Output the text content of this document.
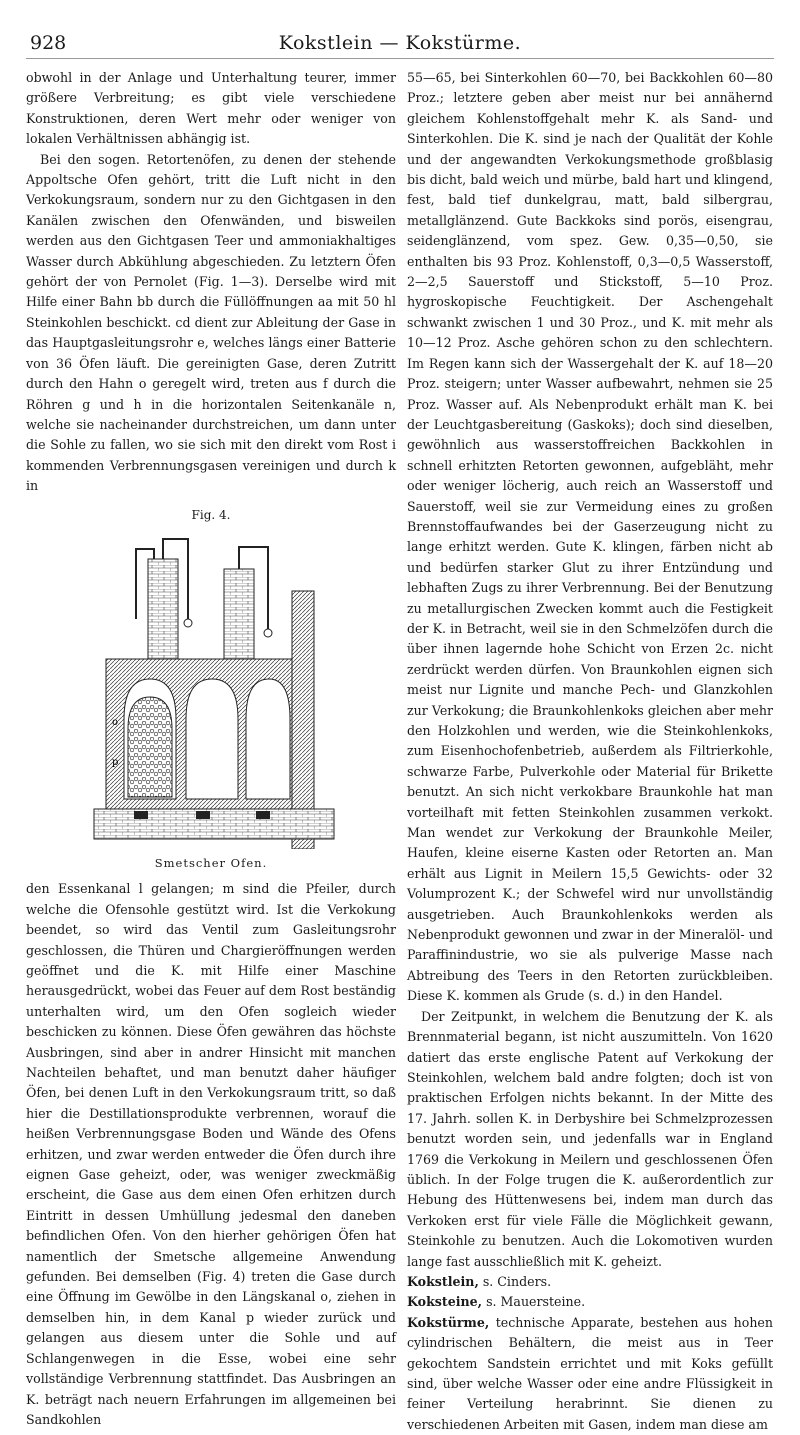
928	Kokstlein — Kokstürme.

obwohl in der Anlage und Unterhaltung teurer, immer größere Verbreitung; es gibt viele verschiedene Konstruktionen, deren Wert mehr oder weniger von lokalen Verhältnissen abhängig ist.

Bei den sogen. Retortenöfen, zu denen der stehende Appoltsche Ofen gehört, tritt die Luft nicht in den Verkokungsraum, sondern nur zu den Gichtgasen in den Kanälen zwischen den Ofenwänden, und bisweilen werden aus den Gichtgasen Teer und ammoniakhaltiges Wasser durch Abkühlung abgeschieden. Zu letztern Öfen gehört der von Pernolet (Fig. 1—3). Derselbe wird mit Hilfe einer Bahn bb durch die Füllöffnungen aa mit 50 hl Steinkohlen beschickt. cd dient zur Ableitung der Gase in das Hauptgasleitungsrohr e, welches längs einer Batterie von 36 Öfen läuft. Die gereinigten Gase, deren Zutritt durch den Hahn o geregelt wird, treten aus f durch die Röhren g und h in die horizontalen Seitenkanäle n, welche sie nacheinander durchstreichen, um dann unter die Sohle zu fallen, wo sie sich mit den direkt vom Rost i kommenden Verbrennungsgasen vereinigen und durch k in

Fig. 4.
o
p
Smetscher Ofen.

den Essenkanal l gelangen; m sind die Pfeiler, durch welche die Ofensohle gestützt wird. Ist die Verkokung beendet, so wird das Ventil zum Gasleitungsrohr geschlossen, die Thüren und Chargieröffnungen werden geöffnet und die K. mit Hilfe einer Maschine herausgedrückt, wobei das Feuer auf dem Rost beständig unterhalten wird, um den Ofen sogleich wieder beschicken zu können. Diese Öfen gewähren das höchste Ausbringen, sind aber in andrer Hinsicht mit manchen Nachteilen behaftet, und man benutzt daher häufiger Öfen, bei denen Luft in den Verkokungsraum tritt, so daß hier die Destillationsprodukte verbrennen, worauf die heißen Verbrennungsgase Boden und Wände des Ofens erhitzen, und zwar werden entweder die Öfen durch ihre eignen Gase geheizt, oder, was weniger zweckmäßig erscheint, die Gase aus dem einen Ofen erhitzen durch Eintritt in dessen Umhüllung jedesmal den daneben befindlichen Ofen. Von den hierher gehörigen Öfen hat namentlich der Smetsche allgemeine Anwendung gefunden. Bei demselben (Fig. 4) treten die Gase durch eine Öffnung im Gewölbe in den Längskanal o, ziehen in demselben hin, in dem Kanal p wieder zurück und gelangen aus diesem unter die Sohle und auf Schlangenwegen in die Esse, wobei eine sehr vollständige Verbrennung stattfindet. Das Ausbringen an K. beträgt nach neuern Erfahrungen im allgemeinen bei Sandkohlen

55—65, bei Sinterkohlen 60—70, bei Backkohlen 60—80 Proz.; letztere geben aber meist nur bei annähernd gleichem Kohlenstoffgehalt mehr K. als Sand- und Sinterkohlen. Die K. sind je nach der Qualität der Kohle und der angewandten Verkokungsmethode großblasig bis dicht, bald weich und mürbe, bald hart und klingend, fest, bald tief dunkelgrau, matt, bald silbergrau, metallglänzend. Gute Backkoks sind porös, eisengrau, seidenglänzend, vom spez. Gew. 0,35—0,50, sie enthalten bis 93 Proz. Kohlenstoff, 0,3—0,5 Wasserstoff, 2—2,5 Sauerstoff und Stickstoff, 5—10 Proz. hygroskopische Feuchtigkeit. Der Aschengehalt schwankt zwischen 1 und 30 Proz., und K. mit mehr als 10—12 Proz. Asche gehören schon zu den schlechtern. Im Regen kann sich der Wassergehalt der K. auf 18—20 Proz. steigern; unter Wasser aufbewahrt, nehmen sie 25 Proz. Wasser auf. Als Nebenprodukt erhält man K. bei der Leuchtgasbereitung (Gaskoks); doch sind dieselben, gewöhnlich aus wasserstoffreichen Backkohlen in schnell erhitzten Retorten gewonnen, aufgebläht, mehr oder weniger löcherig, auch reich an Wasserstoff und Sauerstoff, weil sie zur Vermeidung eines zu großen Brennstoffaufwandes bei der Gaserzeugung nicht zu lange erhitzt werden. Gute K. klingen, färben nicht ab und bedürfen starker Glut zu ihrer Entzündung und lebhaften Zugs zu ihrer Verbrennung. Bei der Benutzung zu metallurgischen Zwecken kommt auch die Festigkeit der K. in Betracht, weil sie in den Schmelzöfen durch die über ihnen lagernde hohe Schicht von Erzen 2c. nicht zerdrückt werden dürfen. Von Braunkohlen eignen sich meist nur Lignite und manche Pech- und Glanzkohlen zur Verkokung; die Braunkohlenkoks gleichen aber mehr den Holzkohlen und werden, wie die Steinkohlenkoks, zum Eisenhochofenbetrieb, außerdem als Filtrierkohle, schwarze Farbe, Pulverkohle oder Material für Brikette benutzt. An sich nicht verkokbare Braunkohle hat man vorteilhaft mit fetten Steinkohlen zusammen verkokt. Man wendet zur Verkokung der Braunkohle Meiler, Haufen, kleine eiserne Kasten oder Retorten an. Man erhält aus Lignit in Meilern 15,5 Gewichts- oder 32 Volumprozent K.; der Schwefel wird nur unvollständig ausgetrieben. Auch Braunkohlenkoks werden als Nebenprodukt gewonnen und zwar in der Mineralöl- und Paraffinindustrie, wo sie als pulverige Masse nach Abtreibung des Teers in den Retorten zurückbleiben. Diese K. kommen als Grude (s. d.) in den Handel.

Der Zeitpunkt, in welchem die Benutzung der K. als Brennmaterial begann, ist nicht auszumitteln. Von 1620 datiert das erste englische Patent auf Verkokung der Steinkohlen, welchem bald andre folgten; doch ist von praktischen Erfolgen nichts bekannt. In der Mitte des 17. Jahrh. sollen K. in Derbyshire bei Schmelzprozessen benutzt worden sein, und jedenfalls war in England 1769 die Verkokung in Meilern und geschlossenen Öfen üblich. In der Folge trugen die K. außerordentlich zur Hebung des Hüttenwesens bei, indem man durch das Verkoken erst für viele Fälle die Möglichkeit gewann, Steinkohle zu benutzen. Auch die Lokomotiven wurden lange fast ausschließlich mit K. geheizt.

Kokstlein, s. Cinders.

Koksteine, s. Mauersteine.

Kokstürme, technische Apparate, bestehen aus hohen cylindrischen Behältern, die meist aus in Teer gekochtem Sandstein errichtet und mit Koks gefüllt sind, über welche Wasser oder eine andre Flüssigkeit in feiner Verteilung herabrinnt. Sie dienen zu verschiedenen Arbeiten mit Gasen, indem man diese am
